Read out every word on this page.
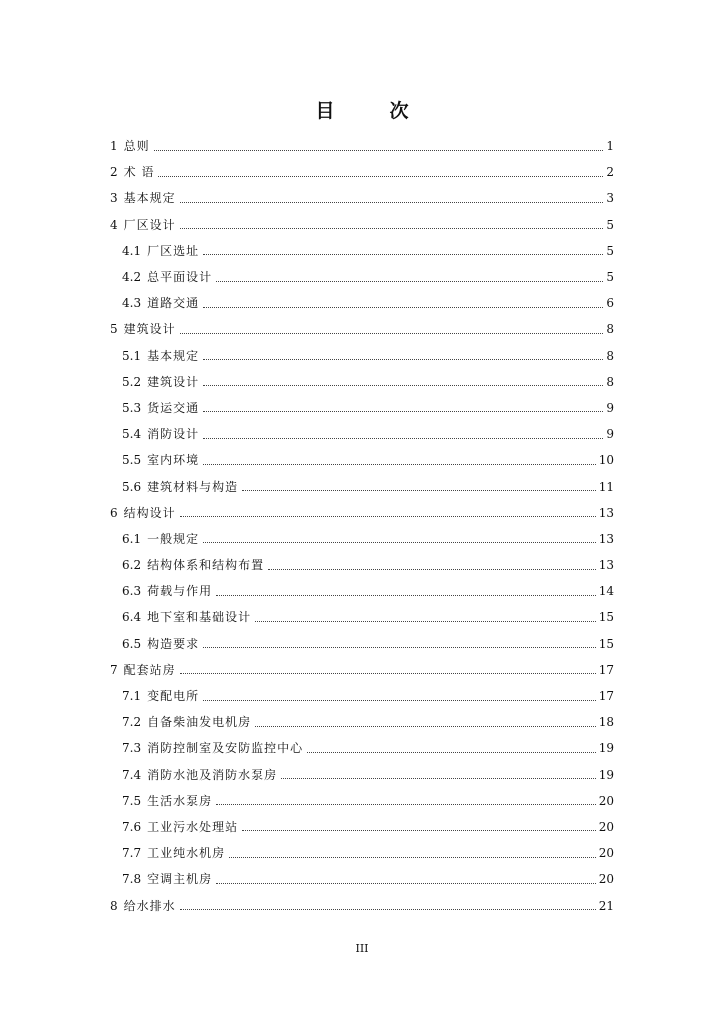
目　次
1 总则	1
2 术 语	2
3 基本规定	3
4 厂区设计	5
4.1 厂区选址	5
4.2 总平面设计	5
4.3 道路交通	6
5 建筑设计	8
5.1 基本规定	8
5.2 建筑设计	8
5.3 货运交通	9
5.4 消防设计	9
5.5 室内环境	10
5.6 建筑材料与构造	11
6 结构设计	13
6.1 一般规定	13
6.2 结构体系和结构布置	13
6.3 荷载与作用	14
6.4 地下室和基础设计	15
6.5 构造要求	15
7 配套站房	17
7.1 变配电所	17
7.2 自备柴油发电机房	18
7.3 消防控制室及安防监控中心	19
7.4 消防水池及消防水泵房	19
7.5 生活水泵房	20
7.6 工业污水处理站	20
7.7 工业纯水机房	20
7.8 空调主机房	20
8 给水排水	21
III
